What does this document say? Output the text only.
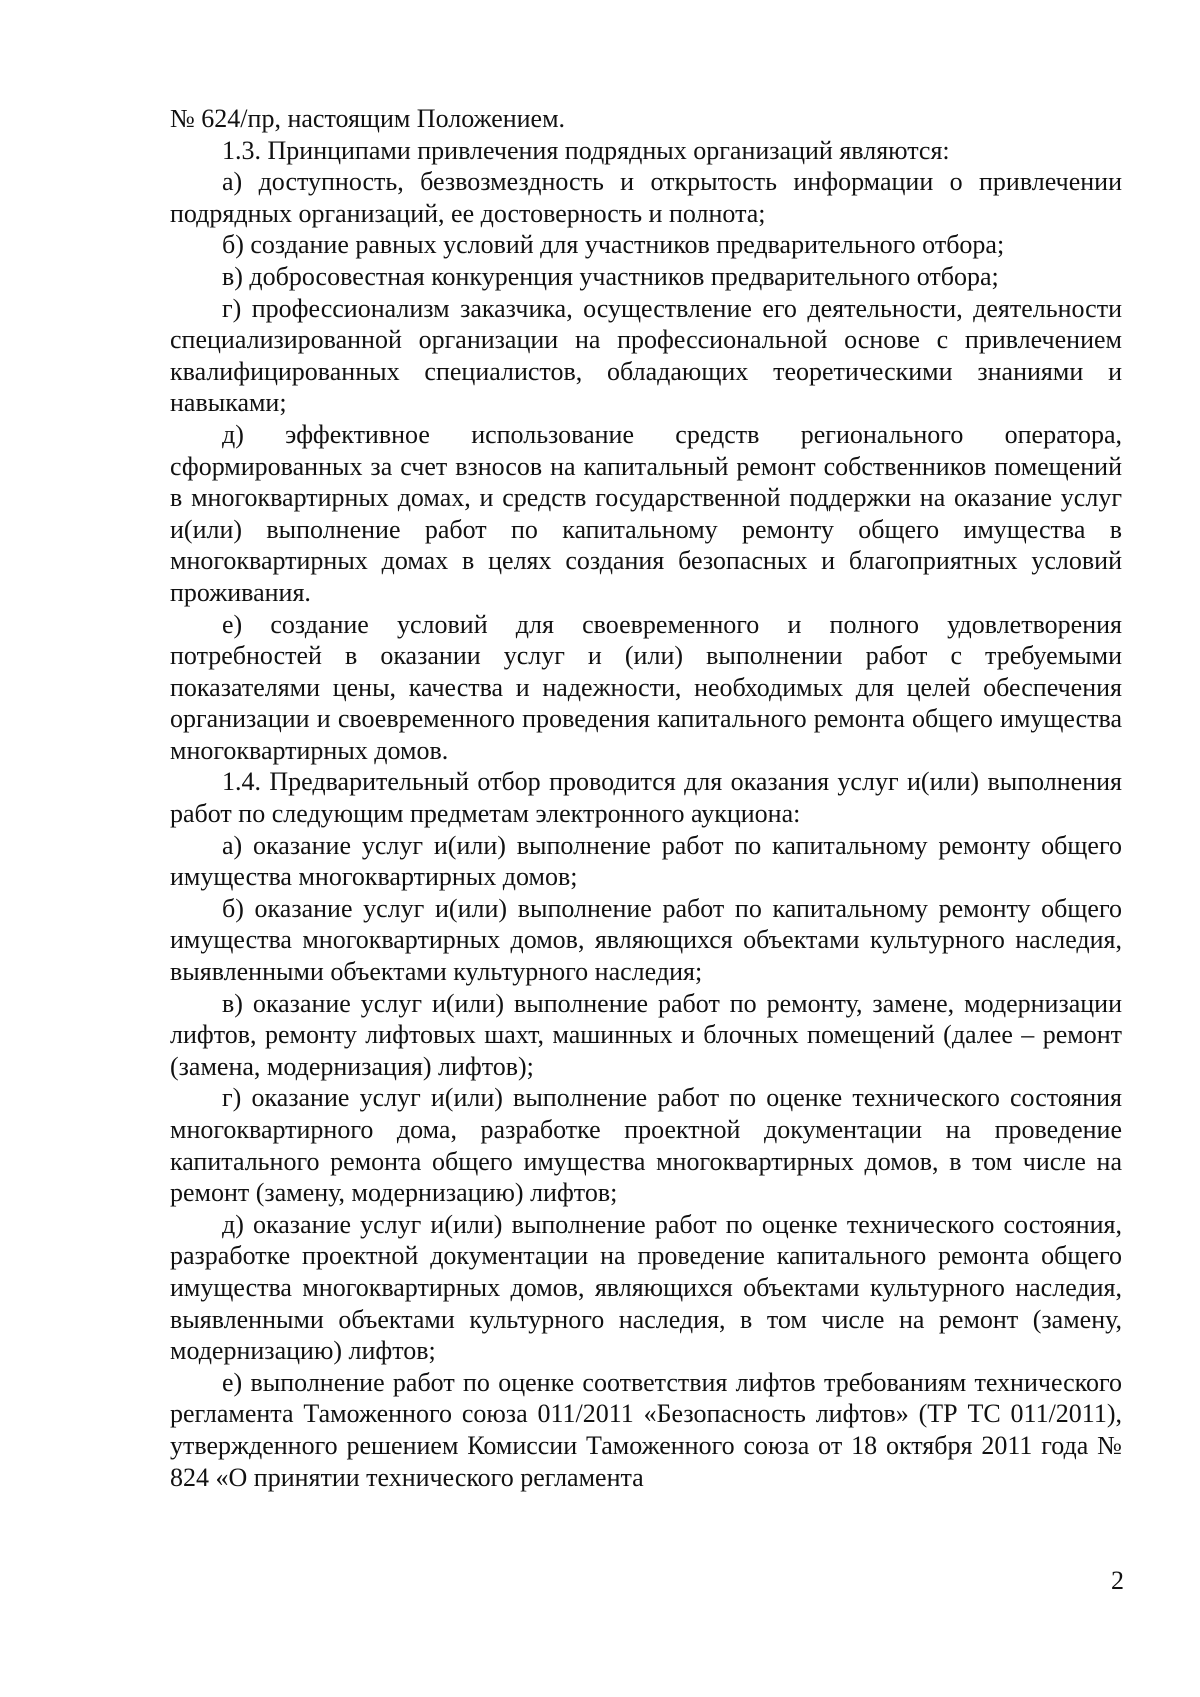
№ 624/пр, настоящим Положением.

1.3. Принципами привлечения подрядных организаций являются:

а) доступность, безвозмездность и открытость информации о привлечении подрядных организаций, ее достоверность и полнота;

б) создание равных условий для участников предварительного отбора;

в) добросовестная конкуренция участников предварительного отбора;

г) профессионализм заказчика, осуществление его деятельности, деятельности специализированной организации на профессиональной основе с привлечением квалифицированных специалистов, обладающих теоретическими знаниями и навыками;

д) эффективное использование средств регионального оператора, сформированных за счет взносов на капитальный ремонт собственников помещений в многоквартирных домах, и средств государственной поддержки на оказание услуг и(или) выполнение работ по капитальному ремонту общего имущества в многоквартирных домах в целях создания безопасных и благоприятных условий проживания.

е) создание условий для своевременного и полного удовлетворения потребностей в оказании услуг и (или) выполнении работ с требуемыми показателями цены, качества и надежности, необходимых для целей обеспечения организации и своевременного проведения капитального ремонта общего имущества многоквартирных домов.

1.4. Предварительный отбор проводится для оказания услуг и(или) выполнения работ по следующим предметам электронного аукциона:

а) оказание услуг и(или) выполнение работ по капитальному ремонту общего имущества многоквартирных домов;

б) оказание услуг и(или) выполнение работ по капитальному ремонту общего имущества многоквартирных домов, являющихся объектами культурного наследия, выявленными объектами культурного наследия;

в) оказание услуг и(или) выполнение работ по ремонту, замене, модернизации лифтов, ремонту лифтовых шахт, машинных и блочных помещений (далее – ремонт (замена, модернизация) лифтов);

г) оказание услуг и(или) выполнение работ по оценке технического состояния многоквартирного дома, разработке проектной документации на проведение капитального ремонта общего имущества многоквартирных домов, в том числе на ремонт (замену, модернизацию) лифтов;

д) оказание услуг и(или) выполнение работ по оценке технического состояния, разработке проектной документации на проведение капитального ремонта общего имущества многоквартирных домов, являющихся объектами культурного наследия, выявленными объектами культурного наследия, в том числе на ремонт (замену, модернизацию) лифтов;

е) выполнение работ по оценке соответствия лифтов требованиям технического регламента Таможенного союза 011/2011 «Безопасность лифтов» (ТР ТС 011/2011), утвержденного решением Комиссии Таможенного союза от 18 октября 2011 года № 824 «О принятии технического регламента

2
